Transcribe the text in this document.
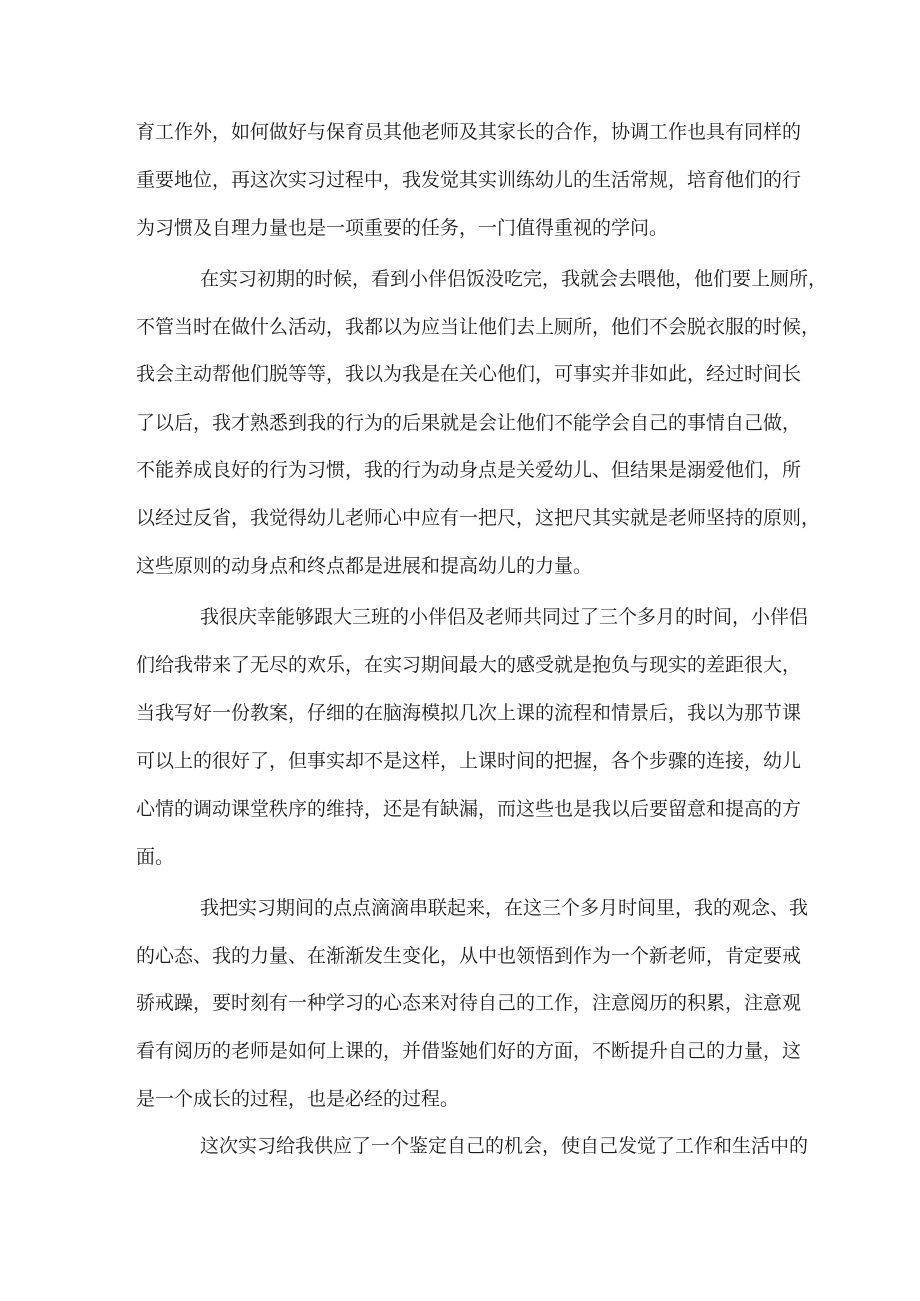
育工作外，如何做好与保育员其他老师及其家长的合作，协调工作也具有同样的
重要地位，再这次实习过程中，我发觉其实训练幼儿的生活常规，培育他们的行
为习惯及自理力量也是一项重要的任务，一门值得重视的学问。
在实习初期的时候，看到小伴侣饭没吃完，我就会去喂他，他们要上厕所，
不管当时在做什么活动，我都以为应当让他们去上厕所，他们不会脱衣服的时候，
我会主动帮他们脱等等，我以为我是在关心他们，可事实并非如此，经过时间长
了以后，我才熟悉到我的行为的后果就是会让他们不能学会自己的事情自己做，
不能养成良好的行为习惯，我的行为动身点是关爱幼儿、但结果是溺爱他们，所
以经过反省，我觉得幼儿老师心中应有一把尺，这把尺其实就是老师坚持的原则，
这些原则的动身点和终点都是进展和提高幼儿的力量。
我很庆幸能够跟大三班的小伴侣及老师共同过了三个多月的时间，小伴侣
们给我带来了无尽的欢乐，在实习期间最大的感受就是抱负与现实的差距很大，
当我写好一份教案，仔细的在脑海模拟几次上课的流程和情景后，我以为那节课
可以上的很好了，但事实却不是这样，上课时间的把握，各个步骤的连接，幼儿
心情的调动课堂秩序的维持，还是有缺漏，而这些也是我以后要留意和提高的方
面。
我把实习期间的点点滴滴串联起来，在这三个多月时间里，我的观念、我
的心态、我的力量、在渐渐发生变化，从中也领悟到作为一个新老师，肯定要戒
骄戒躁，要时刻有一种学习的心态来对待自己的工作，注意阅历的积累，注意观
看有阅历的老师是如何上课的，并借鉴她们好的方面，不断提升自己的力量，这
是一个成长的过程，也是必经的过程。
这次实习给我供应了一个鉴定自己的机会，使自己发觉了工作和生活中的
